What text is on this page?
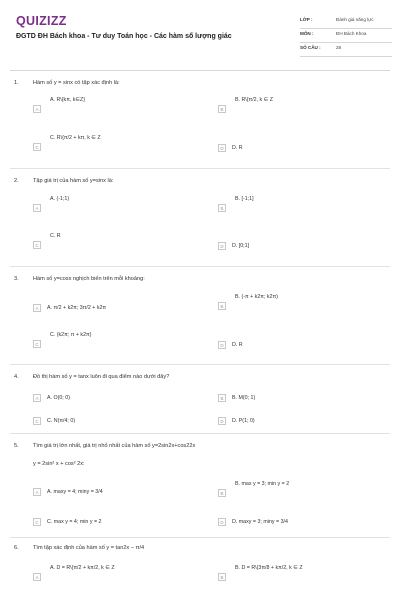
QUIZIZZ
ĐGTD ĐH Bách khoa - Tư duy Toán học - Các hàm số lượng giác
LỚP :	Đánh giá năng lực
MÔN :	ĐH Bách Khoa
SỐ CÂU :	28
1.	Hàm số y = sinx có tập xác định là:
A. R\{kπ, k∈Z}
A
B. R\{π/2, k ∈ Z
B
C. R\{π/2 + kπ, k ∈ Z
C	D	D. R
2.	Tập giá trị của hàm số y=sinx là:
A. (-1;1)
A
B. [-1;1]
B
C. R
C	D	D. [0;1]
3.	Hàm số y=cosx nghịch biến trên mỗi khoảng:
A	A. π/2 + k2π; 3π/2 + k2π
B. (-π + k2π; k2π)
B
C. (k2π; π + k2π)
C	D	D. R
4.	Đồ thị hàm số y = tanx luôn đi qua điểm nào dưới đây?
A	A. O(0; 0)	B	B. M(0; 1)
C	C. N(π/4; 0)	D	D. P(1; 0)
5.	Tìm giá trị lớn nhất, giá trị nhỏ nhất của hàm số y=2sin2x+cos22x
y = 2sin² x + cos² 2x:
A	A. maxy = 4; miny = 3/4
B. max y = 3; min y = 2
B
C	C. max y = 4; min y = 2	D	D. maxy = 3; miny = 3/4
6.	Tìm tập xác định của hàm số y = tan2x − π/4
A. D = R\{π/2 + kπ/2, k ∈ Z
A
B. D = R\{3π/8 + kπ/2, k ∈ Z
B
